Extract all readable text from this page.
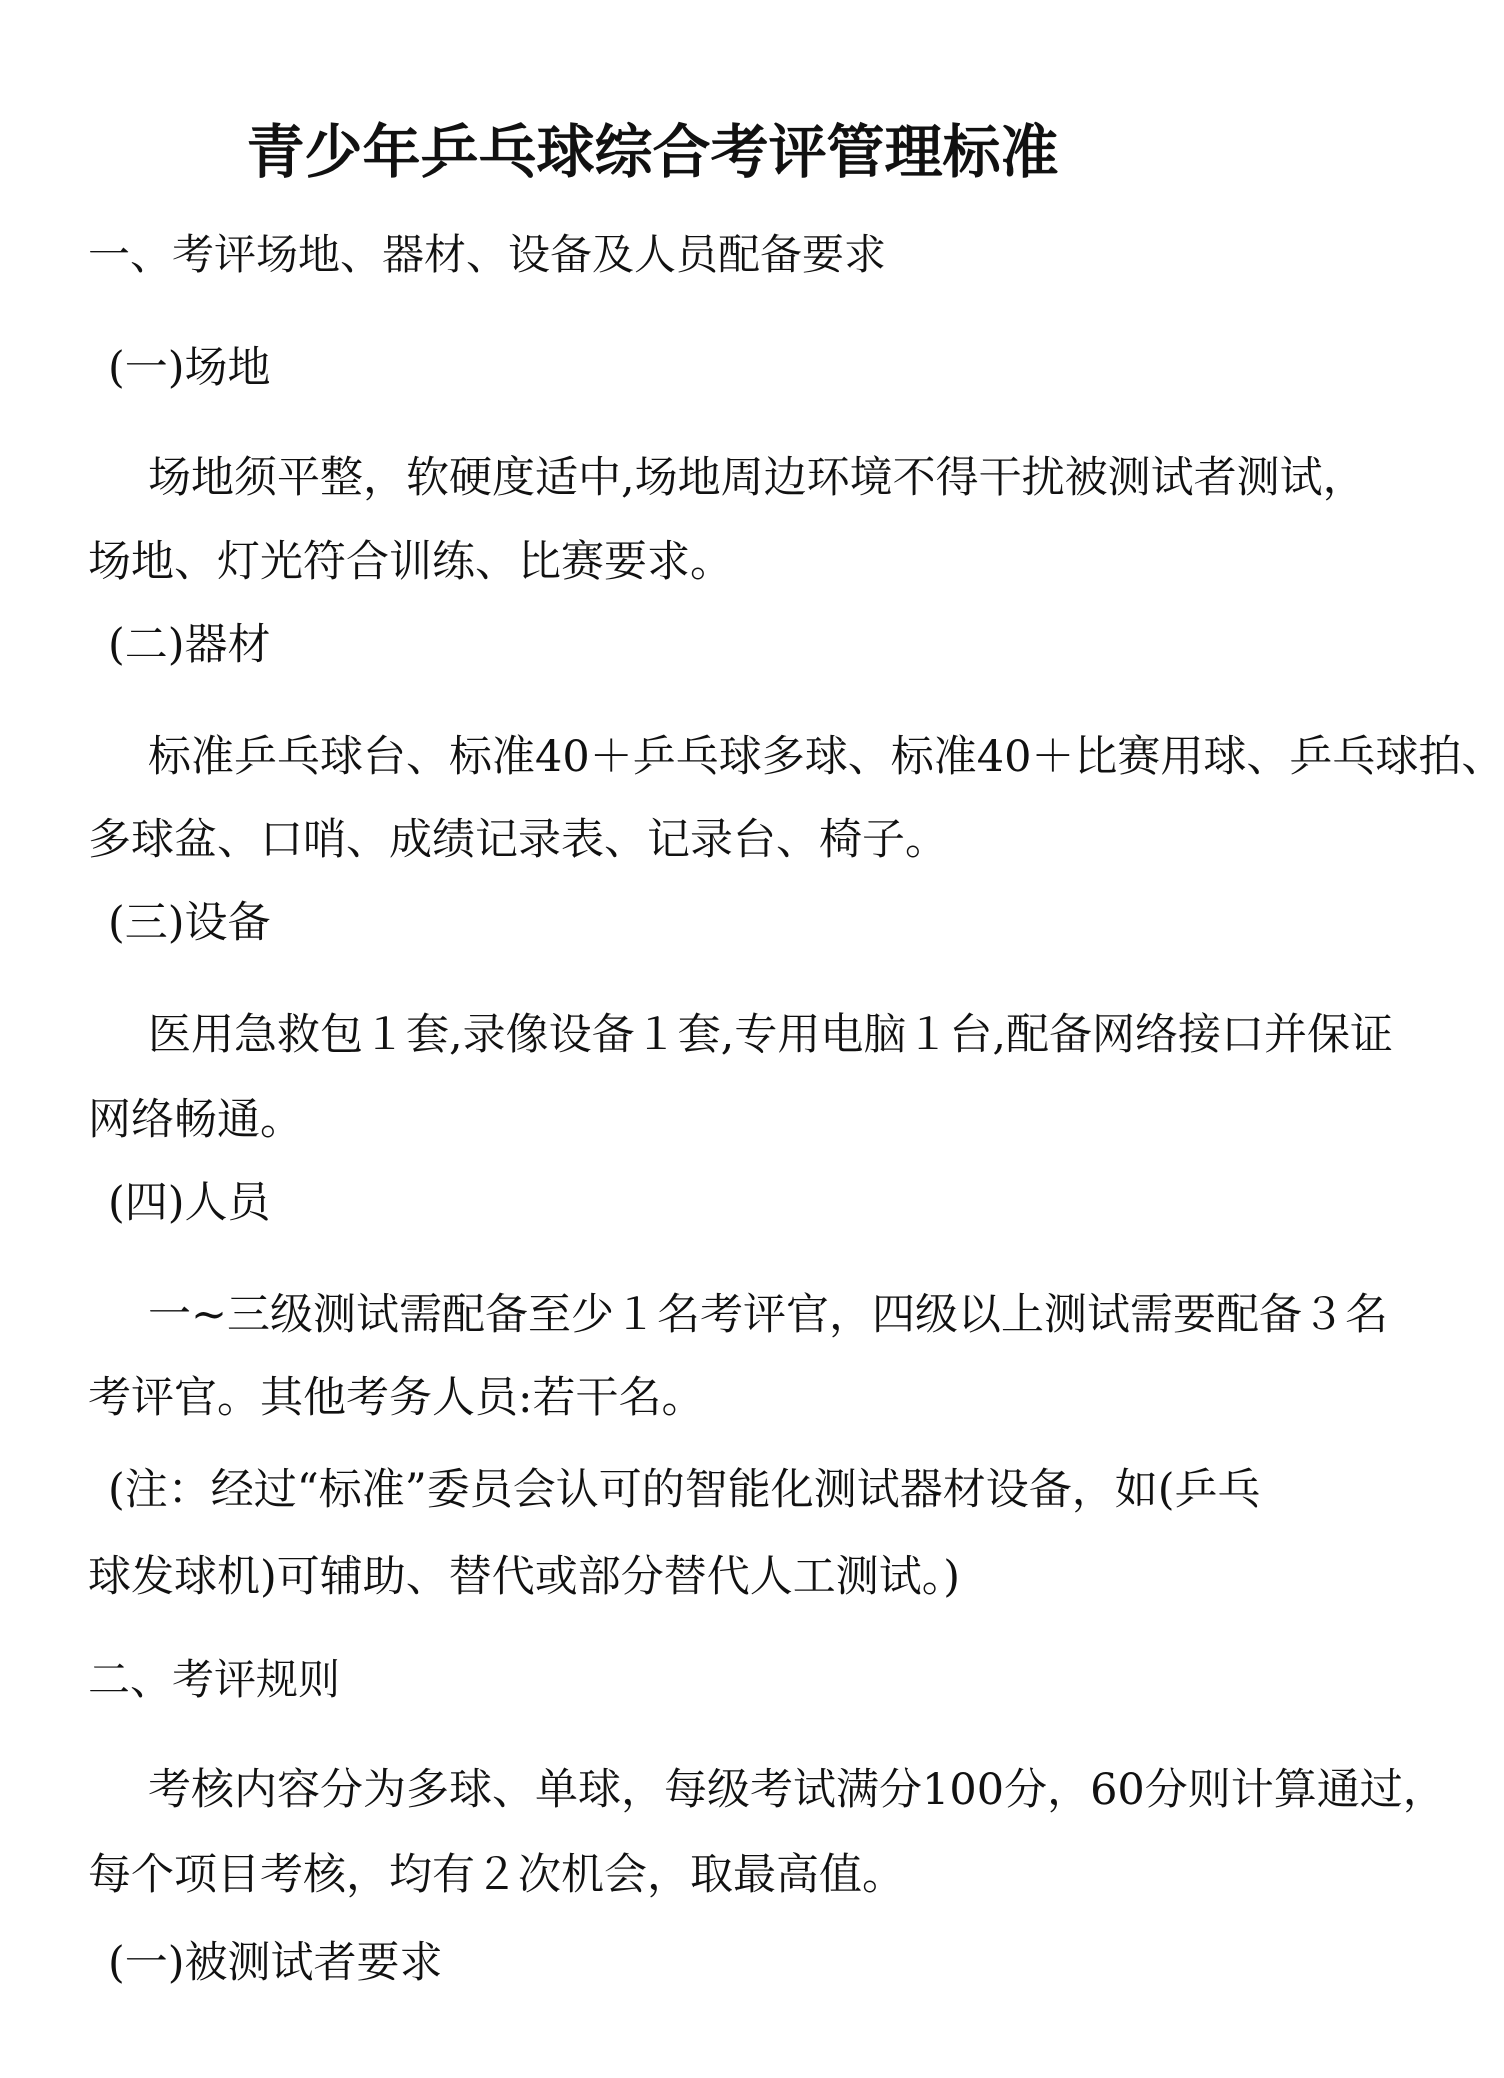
青少年乒乓球综合考评管理标准
一、考评场地、器材、设备及人员配备要求
(一)场地
场地须平整，软硬度适中,场地周边环境不得干扰被测试者测试，
场地、灯光符合训练、比赛要求。
(二)器材
标准乒乓球台、标准40＋乒乓球多球、标准40＋比赛用球、乒乓球拍、
多球盆、口哨、成绩记录表、记录台、椅子。
(三)设备
医用急救包１套,录像设备１套,专用电脑１台,配备网络接口并保证
网络畅通。
(四)人员
一~三级测试需配备至少１名考评官，四级以上测试需要配备３名
考评官。其他考务人员:若干名。
(注：经过“标准”委员会认可的智能化测试器材设备，如(乒乓
球发球机)可辅助、替代或部分替代人工测试。)
二、考评规则
考核内容分为多球、单球，每级考试满分100分，60分则计算通过，
每个项目考核，均有２次机会，取最高值。
(一)被测试者要求
